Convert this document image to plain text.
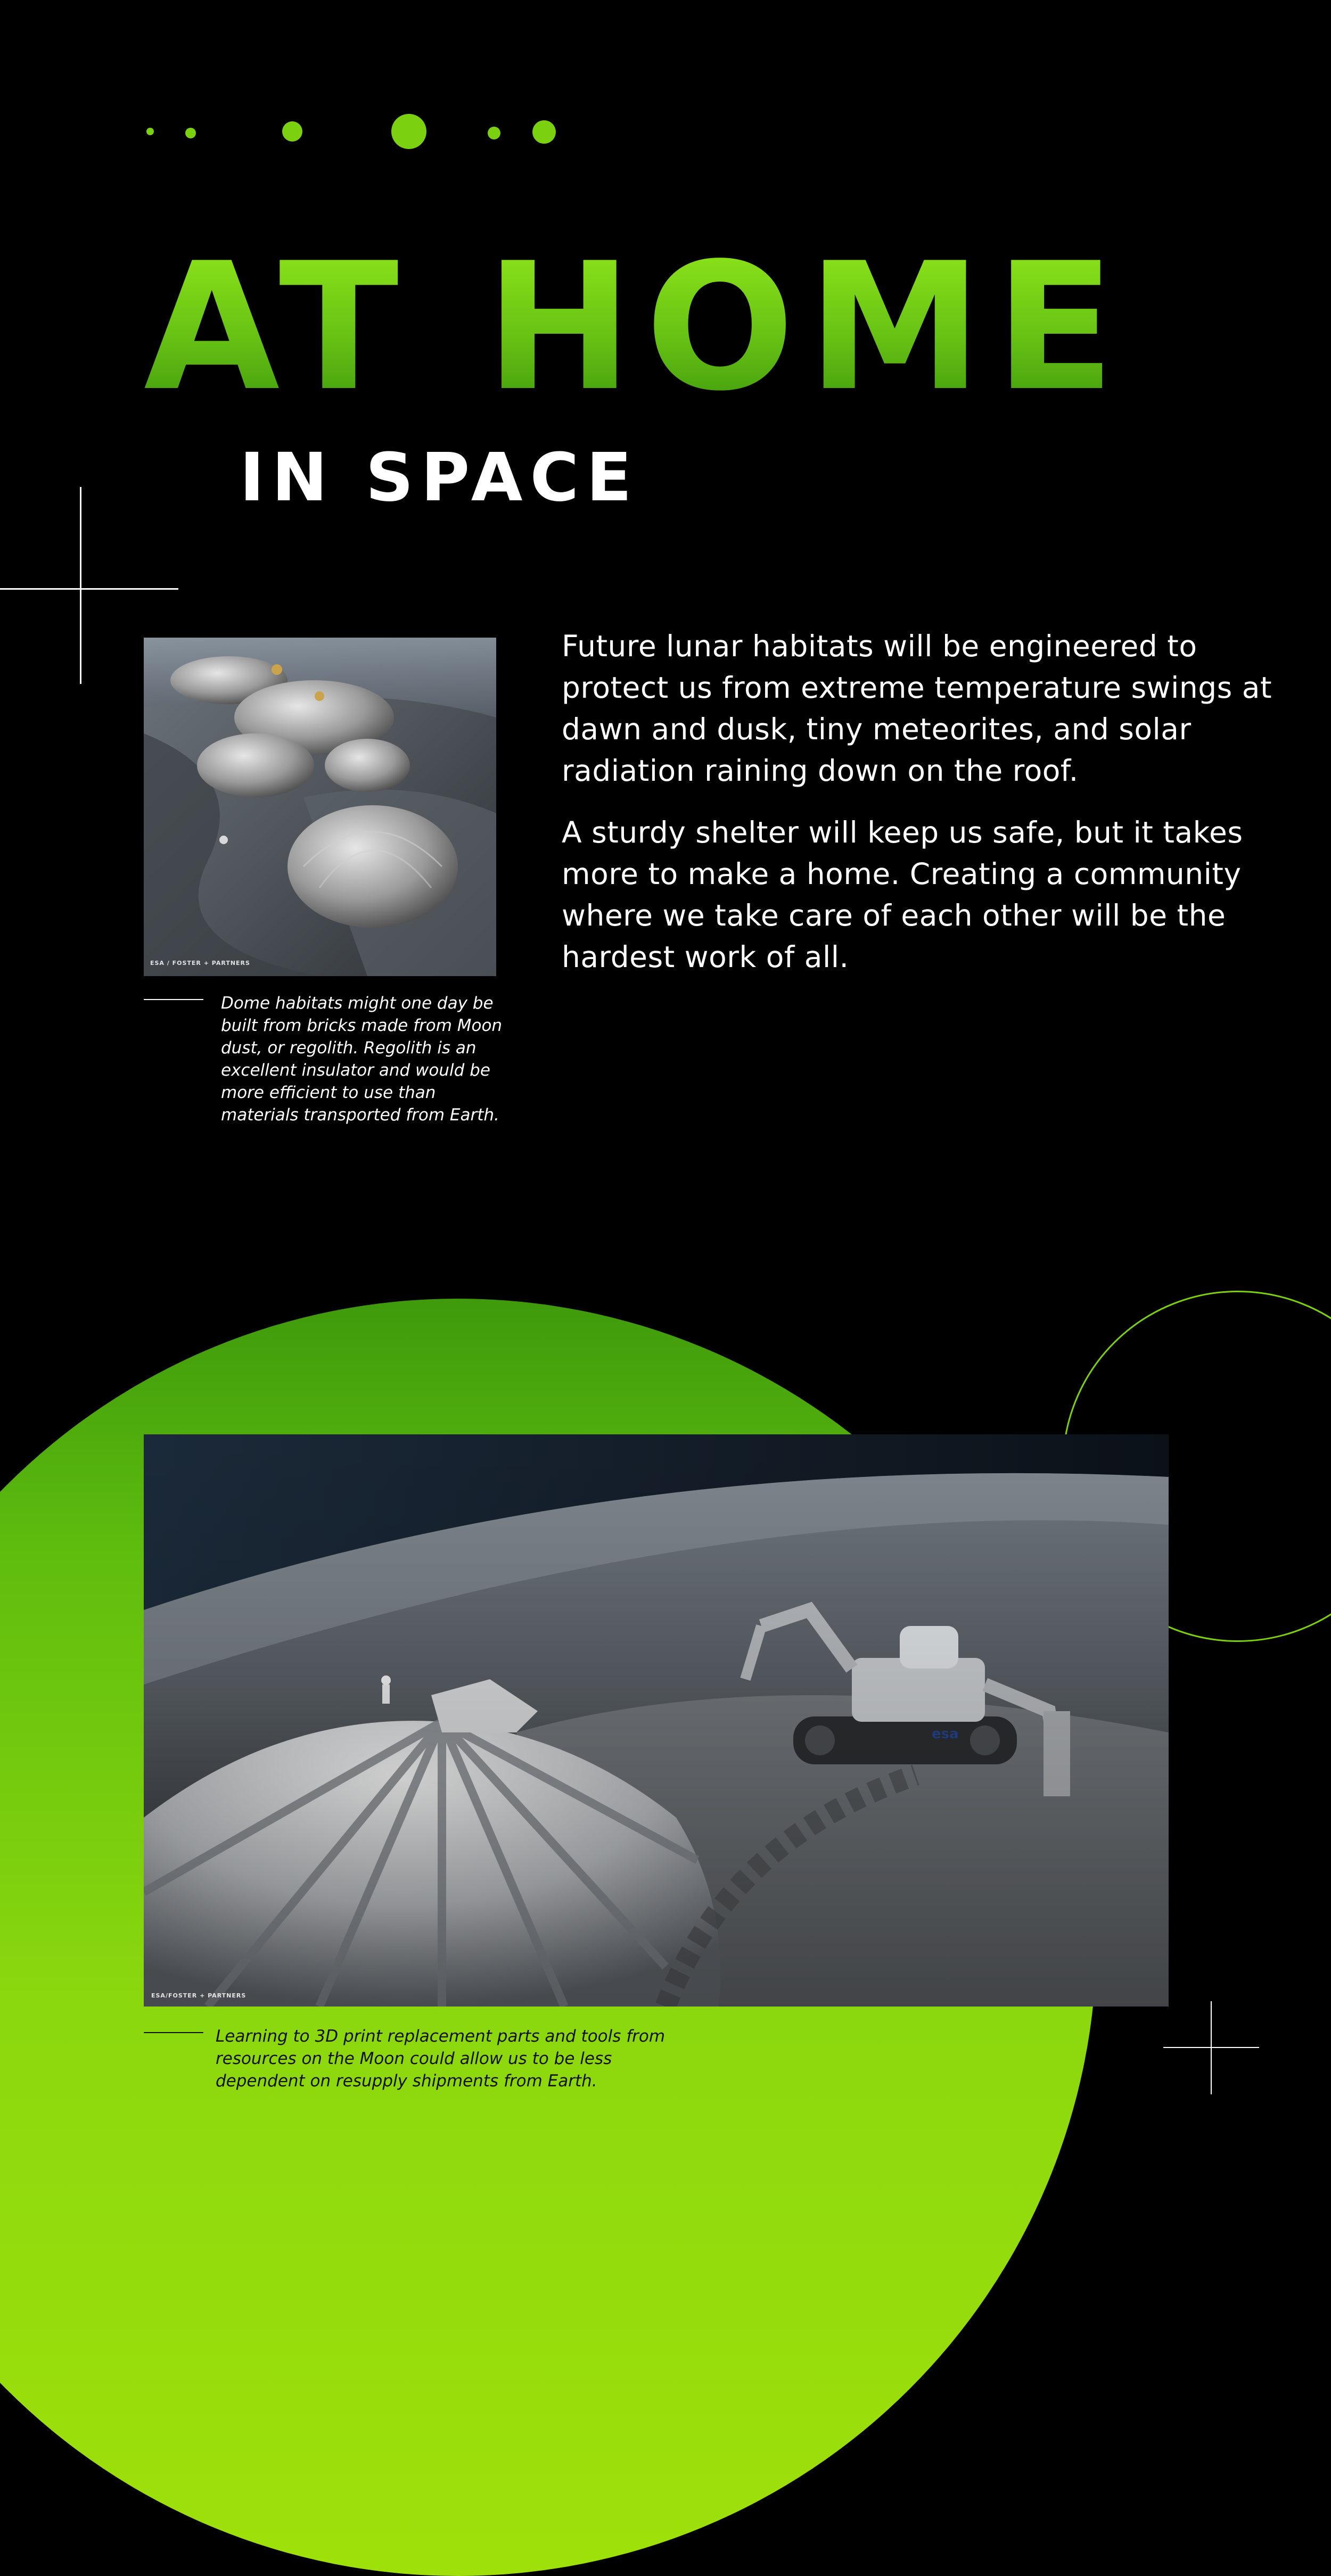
AT HOME
IN SPACE
ESA / FOSTER + PARTNERS

Dome habitats might one day be built from bricks made from Moon dust, or regolith. Regolith is an excellent insulator and would be more efficient to use than materials transported from Earth.

Future lunar habitats will be engineered to protect us from extreme temperature swings at dawn and dusk, tiny meteorites, and solar radiation raining down on the roof.

A sturdy shelter will keep us safe, but it takes more to make a home. Creating a community where we take care of each other will be the hardest work of all.

esa
ESA/FOSTER + PARTNERS

Learning to 3D print replacement parts and tools from resources on the Moon could allow us to be less dependent on resupply shipments from Earth.
